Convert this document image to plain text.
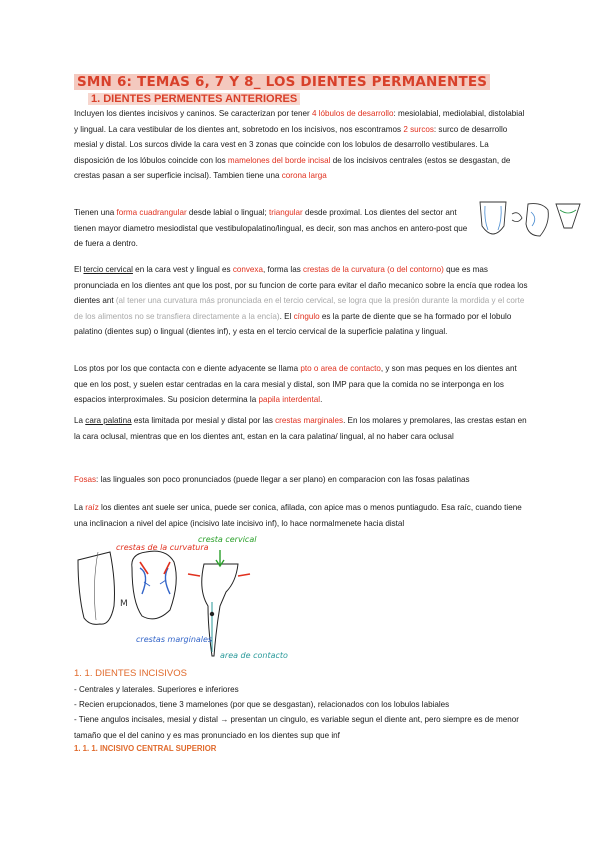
SMN 6: TEMAS 6, 7 Y 8_ LOS DIENTES PERMANENTES
1. DIENTES PERMENTES ANTERIORES

Incluyen los dientes incisivos y caninos. Se caracterizan por tener 4 lóbulos de desarrollo: mesiolabial, mediolabial, distolabial y lingual. La cara vestibular de los dientes ant, sobretodo en los incisivos, nos escontramos 2 surcos: surco de desarrollo mesial y distal. Los surcos divide la cara vest en 3 zonas que coincide con los lobulos de desarrollo vestibulares. La disposición de los lóbulos coincide con los mamelones del borde incisal de los incisivos centrales (estos se desgastan, de crestas pasan a ser superficie incisal). Tambien tiene una corona larga

Tienen una forma cuadrangular desde labial o lingual; triangular desde proximal. Los dientes del sector ant tienen mayor diametro mesiodistal que vestibulopalatino/lingual, es decir, son mas anchos en antero-post que de fuera a dentro.

El tercio cervical en la cara vest y lingual es convexa, forma las crestas de la curvatura (o del contorno) que es mas pronunciada en los dientes ant que los post, por su funcion de corte para evitar el daño mecanico sobre la encía que rodea los dientes ant (al tener una curvatura más pronunciada en el tercio cervical, se logra que la presión durante la mordida y el corte de los alimentos no se transfiera directamente a la encía). El cíngulo es la parte de diente que se ha formado por el lobulo palatino (dientes sup) o lingual (dientes inf), y esta en el tercio cervical de la superficie palatina y lingual.

Los ptos por los que contacta con e diente adyacente se llama pto o area de contacto, y son mas peques en los dientes ant que en los post, y suelen estar centradas en la cara mesial y distal, son IMP para que la comida no se interponga en los espacios interproximales. Su posicion determina la papila interdental.

La cara palatina esta limitada por mesial y distal por las crestas marginales. En los molares y premolares, las crestas estan en la cara oclusal, mientras que en los dientes ant, estan en la cara palatina/ lingual, al no haber cara oclusal

Fosas: las linguales son poco pronunciados (puede llegar a ser plano) en comparacion con las fosas palatinas

La raíz los dientes ant suele ser unica, puede ser conica, afilada, con apice mas o menos puntiagudo. Esa raíc, cuando tiene una inclinacion a nivel del apice (incisivo late incisivo inf), lo hace normalmenete hacia distal

M
crestas de la curvatura
cresta cervical
crestas marginales
area de contacto
1. 1. DIENTES INCISIVOS

- Centrales y laterales. Superiores e inferiores

- Recien erupcionados, tiene 3 mamelones (por que se desgastan), relacionados con los lobulos labiales

- Tiene angulos incisales, mesial y distal → presentan un cingulo, es variable segun el diente ant, pero siempre es de menor tamaño que el del canino y es mas pronunciado en los dientes sup que inf

1. 1. 1. INCISIVO CENTRAL SUPERIOR
